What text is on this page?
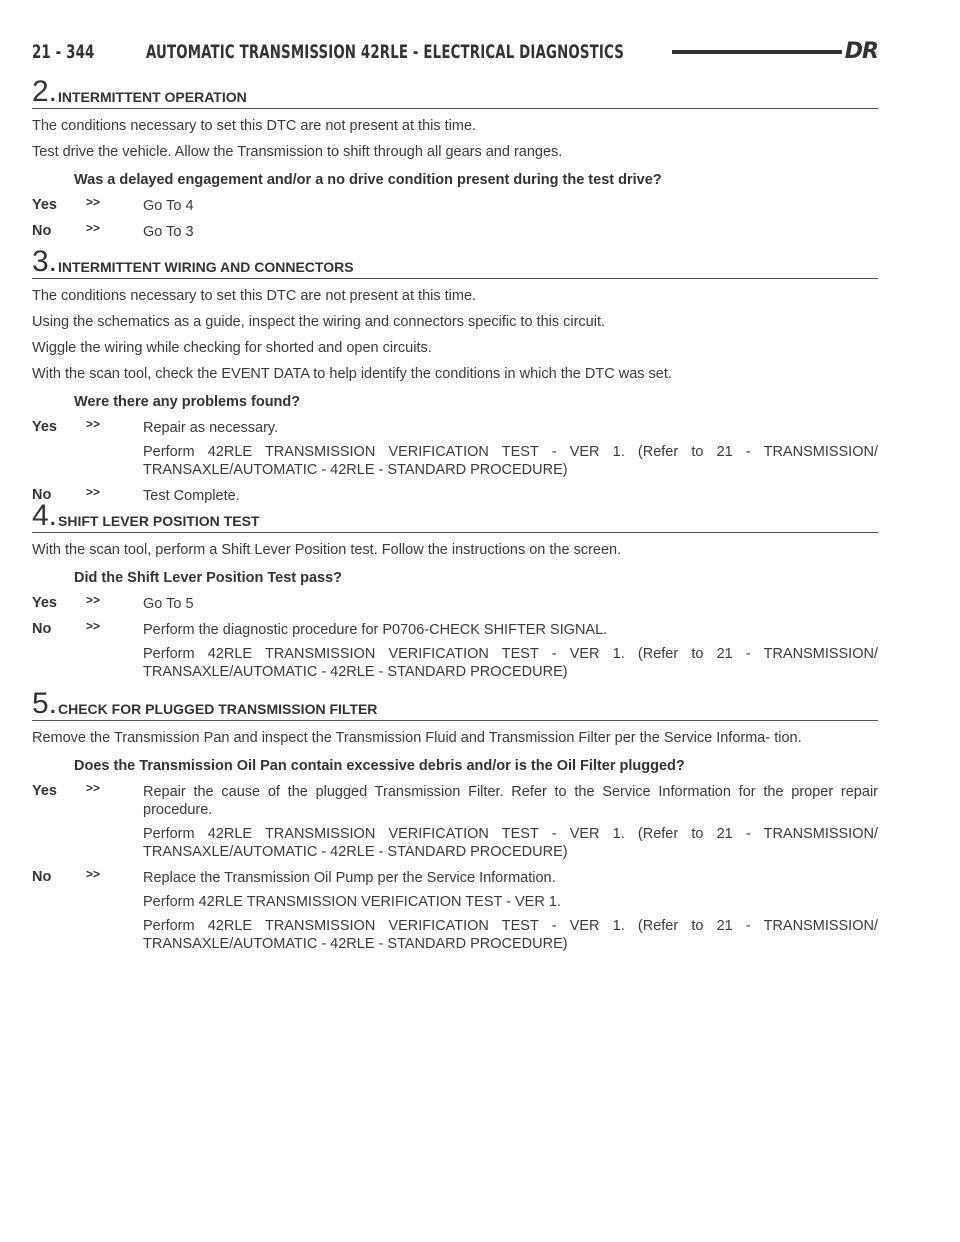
21 - 344	AUTOMATIC TRANSMISSION 42RLE - ELECTRICAL DIAGNOSTICS	DR
2. INTERMITTENT OPERATION

The conditions necessary to set this DTC are not present at this time.

Test drive the vehicle. Allow the Transmission to shift through all gears and ranges.

Was a delayed engagement and/or a no drive condition present during the test drive?

Yes >>	Go To 4

No	>>	Go To 3

3. INTERMITTENT WIRING AND CONNECTORS

The conditions necessary to set this DTC are not present at this time.

Using the schematics as a guide, inspect the wiring and connectors specific to this circuit.

Wiggle the wiring while checking for shorted and open circuits.

With the scan tool, check the EVENT DATA to help identify the conditions in which the DTC was set.

Were there any problems found?

Yes >>	Repair as necessary.

Perform 42RLE TRANSMISSION VERIFICATION TEST - VER 1. (Refer to 21 - TRANSMISSION/ TRANSAXLE/AUTOMATIC - 42RLE - STANDARD PROCEDURE)

No	>>	Test Complete.

4. SHIFT LEVER POSITION TEST

With the scan tool, perform a Shift Lever Position test. Follow the instructions on the screen.

Did the Shift Lever Position Test pass?

Yes >>	Go To 5

No	>>	Perform the diagnostic procedure for P0706-CHECK SHIFTER SIGNAL.

Perform 42RLE TRANSMISSION VERIFICATION TEST - VER 1. (Refer to 21 - TRANSMISSION/ TRANSAXLE/AUTOMATIC - 42RLE - STANDARD PROCEDURE)

5. CHECK FOR PLUGGED TRANSMISSION FILTER

Remove the Transmission Pan and inspect the Transmission Fluid and Transmission Filter per the Service Informa- tion.

Does the Transmission Oil Pan contain excessive debris and/or is the Oil Filter plugged?

Yes >>	Repair the cause of the plugged Transmission Filter. Refer to the Service Information for the proper repair procedure.

Perform 42RLE TRANSMISSION VERIFICATION TEST - VER 1. (Refer to 21 - TRANSMISSION/ TRANSAXLE/AUTOMATIC - 42RLE - STANDARD PROCEDURE)

No	>>	Replace the Transmission Oil Pump per the Service Information.

Perform 42RLE TRANSMISSION VERIFICATION TEST - VER 1.

Perform 42RLE TRANSMISSION VERIFICATION TEST - VER 1. (Refer to 21 - TRANSMISSION/ TRANSAXLE/AUTOMATIC - 42RLE - STANDARD PROCEDURE)
